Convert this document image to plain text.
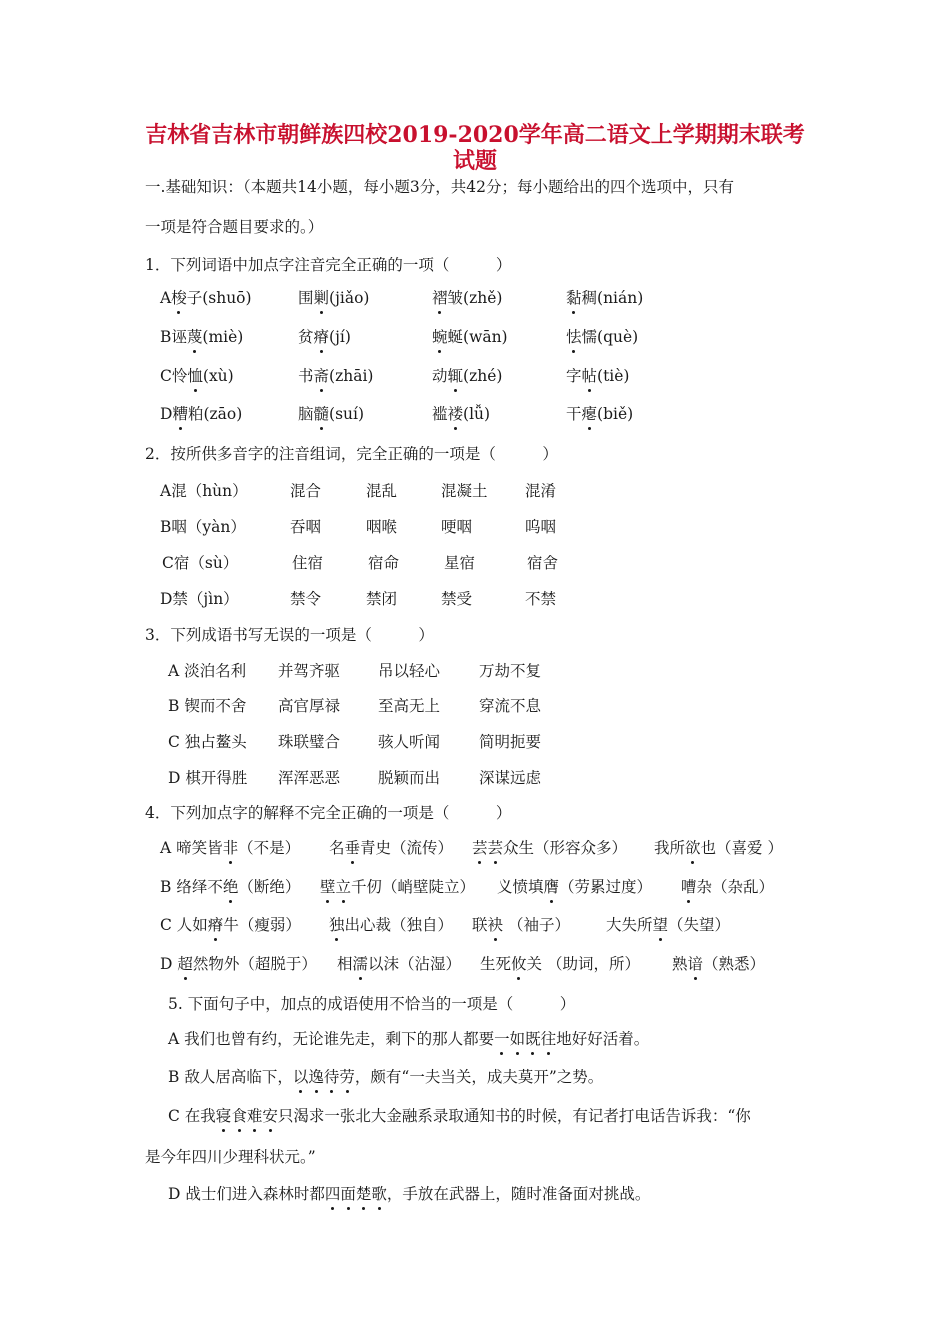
吉林省吉林市朝鲜族四校2019-2020学年高二语文上学期期末联考
试题
一.基础知识：（本题共14小题，每小题3分，共42分；每小题给出的四个选项中，只有
一项是符合题目要求的。）
1．下列词语中加点字注音完全正确的一项（　　　）
A梭子(shuō)	围剿(jiǎo)	褶皱(zhě)	黏稠(nián)
B诬蔑(miè)	贫瘠(jí)	蜿蜒(wān)	怯懦(què)
C怜恤(xù)	书斋(zhāi)	动辄(zhé)	字帖(tiè)
D糟粕(zāo)	脑髓(suí)	褴褛(lǚ)	干瘪(biě)
2．按所供多音字的注音组词，完全正确的一项是（　　　）
A混（hùn）	混合	混乱	混凝土 混淆
B咽（yàn）	吞咽	咽喉	哽咽	呜咽
C宿（sù）	住宿	宿命	星宿	宿舍
D禁（jìn）	禁令	禁闭	禁受	不禁
3．下列成语书写无误的一项是（　　　）
A 淡泊名利 并驾齐驱 吊以轻心	万劫不复
B 锲而不舍 高官厚禄 至高无上	穿流不息
C 独占鳌头 珠联璧合 骇人听闻	简明扼要
D 棋开得胜 浑浑恶恶 脱颖而出	深谋远虑
4．下列加点字的解释不完全正确的一项是（　　　）
A 啼笑皆非（不是） 名垂青史（流传） 芸芸众生（形容众多） 我所欲也（喜爱 ）
B 络绎不绝（断绝） 壁立千仞（峭壁陡立） 义愤填膺（劳累过度） 嘈杂（杂乱）
C 人如瘠牛（瘦弱） 独出心裁（独自） 联袂 （袖子） 大失所望（失望）
D 超然物外（超脱于） 相濡以沫（沾湿） 生死攸关 （助词，所） 熟谙（熟悉）
5. 下面句子中，加点的成语使用不恰当的一项是（　　　）
A 我们也曾有约，无论谁先走，剩下的那人都要一如既往地好好活着。
B 敌人居高临下，以逸待劳，颇有“一夫当关，成夫莫开”之势。
C 在我寝食难安只渴求一张北大金融系录取通知书的时候，有记者打电话告诉我：“你
是今年四川少理科状元。”
D 战士们进入森林时都四面楚歌，手放在武器上，随时准备面对挑战。
